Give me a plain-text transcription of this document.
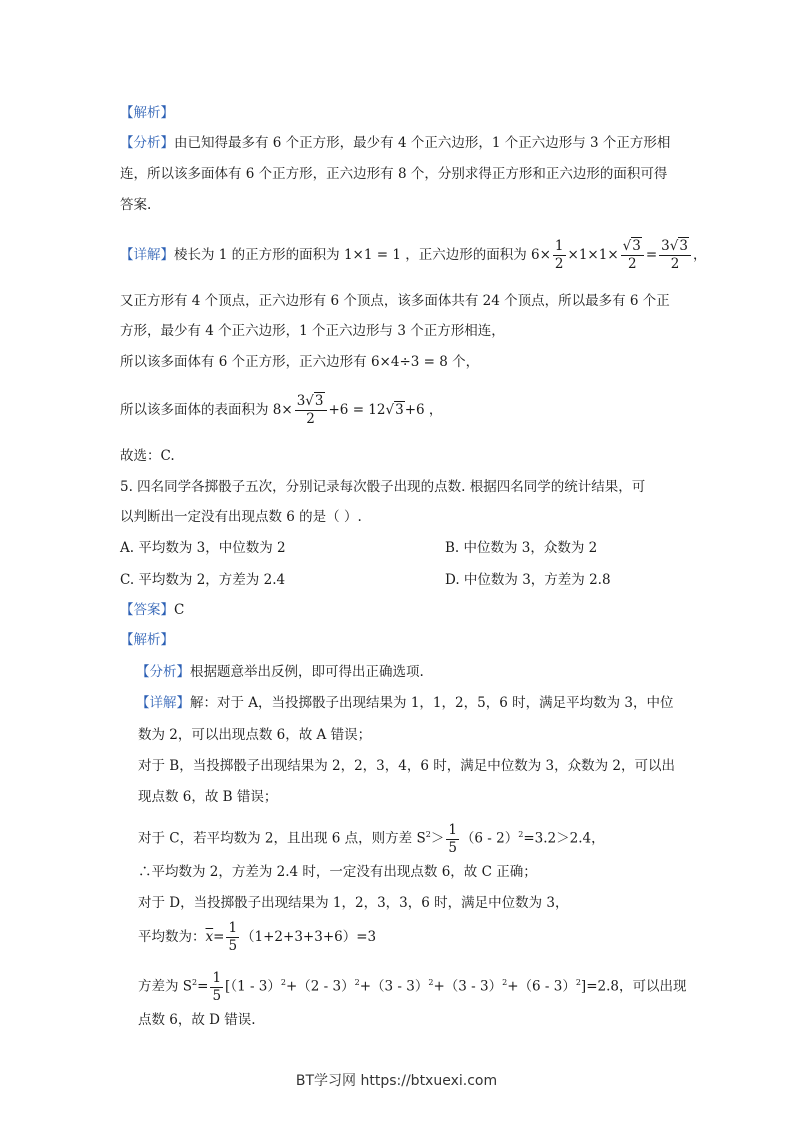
【解析】
【分析】由已知得最多有 6 个正方形，最少有 4 个正六边形，1 个正六边形与 3 个正方形相
连，所以该多面体有 6 个正方形，正六边形有 8 个，分别求得正方形和正六边形的面积可得
答案.
【详解】棱长为 1 的正方形的面积为 1×1 = 1 ，正六边形的面积为 $6\times \frac{1}{2} \times 1\times 1\times \frac{√3}{2} = \frac{3√3}{2}$ ，
又正方形有 4 个顶点，正六边形有 6 个顶点，该多面体共有 24 个顶点，所以最多有 6 个正
方形，最少有 4 个正六边形，1 个正六边形与 3 个正方形相连，
所以该多面体有 6 个正方形，正六边形有 6×4÷3 = 8 个，
所以该多面体的表面积为 $8\times \frac{3√3}{2} +6 = 12√3+6$ ，
故选：C.
5. 四名同学各掷骰子五次，分别记录每次骰子出现的点数. 根据四名同学的统计结果，可
以判断出一定没有出现点数 6 的是（ ）.
A. 平均数为 3，中位数为 2	B. 中位数为 3，众数为 2
C. 平均数为 2，方差为 2.4	D. 中位数为 3，方差为 2.8
【答案】C
【解析】
【分析】根据题意举出反例，即可得出正确选项.
【详解】解：对于 A，当投掷骰子出现结果为 1，1，2，5，6 时，满足平均数为 3，中位
数为 2，可以出现点数 6，故 A 错误；
对于 B，当投掷骰子出现结果为 2，2，3，4，6 时，满足中位数为 3，众数为 2，可以出
现点数 6，故 B 错误；
对于 C，若平均数为 2，且出现 6 点，则方差 $S^2> \frac{1}{5} (6 - 2)^2=3.2>2.4$，
∴平均数为 2，方差为 2.4 时，一定没有出现点数 6，故 C 正确；
对于 D，当投掷骰子出现结果为 1，2，3，3，6 时，满足中位数为 3，
平均数为：$\overline{x}= \frac{1}{5} (1+2+3+3+6)=3$
方差为 $S^2= \frac{1}{5} [(1 - 3)^2+(2 - 3)^2+(3 - 3)^2+(3 - 3)^2+(6 - 3)^2]=2.8$，可以出现
点数 6，故 D 错误.
BT学习网 https://btxuexi.com
